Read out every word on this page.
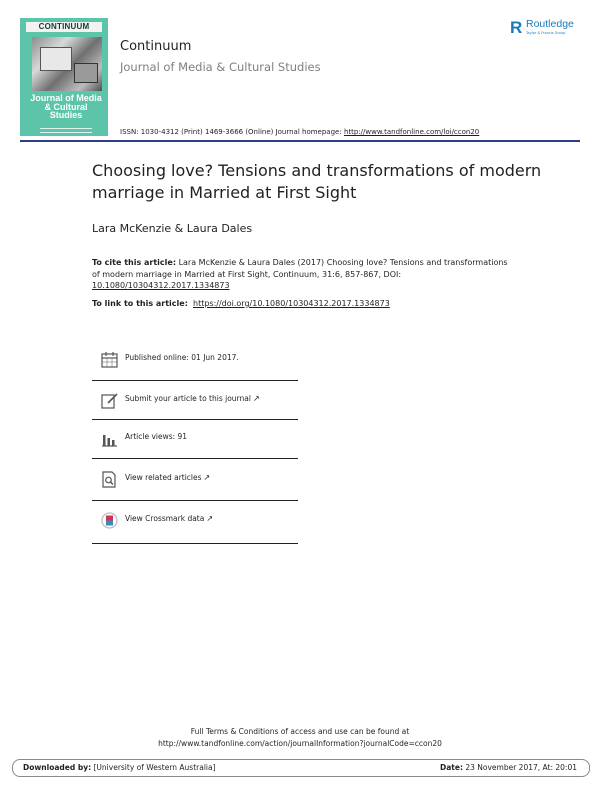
CONTINUUM
Journal of Media & Cultural Studies
Continuum
Journal of Media & Cultural Studies
ISSN: 1030-4312 (Print) 1469-3666 (Online) Journal homepage: http://www.tandfonline.com/loi/ccon20
R Routledge
Taylor & Francis Group
Choosing love? Tensions and transformations of modern marriage in Married at First Sight
Lara McKenzie & Laura Dales
To cite this article: Lara McKenzie & Laura Dales (2017) Choosing love? Tensions and transformations of modern marriage in Married at First Sight, Continuum, 31:6, 857-867, DOI: 10.1080/10304312.2017.1334873
To link to this article: https://doi.org/10.1080/10304312.2017.1334873
Published online: 01 Jun 2017.
Submit your article to this journal ↗
Article views: 91
View related articles ↗
View Crossmark data ↗
Full Terms & Conditions of access and use can be found at
http://www.tandfonline.com/action/journalInformation?journalCode=ccon20
Downloaded by: [University of Western Australia]	Date: 23 November 2017, At: 20:01
